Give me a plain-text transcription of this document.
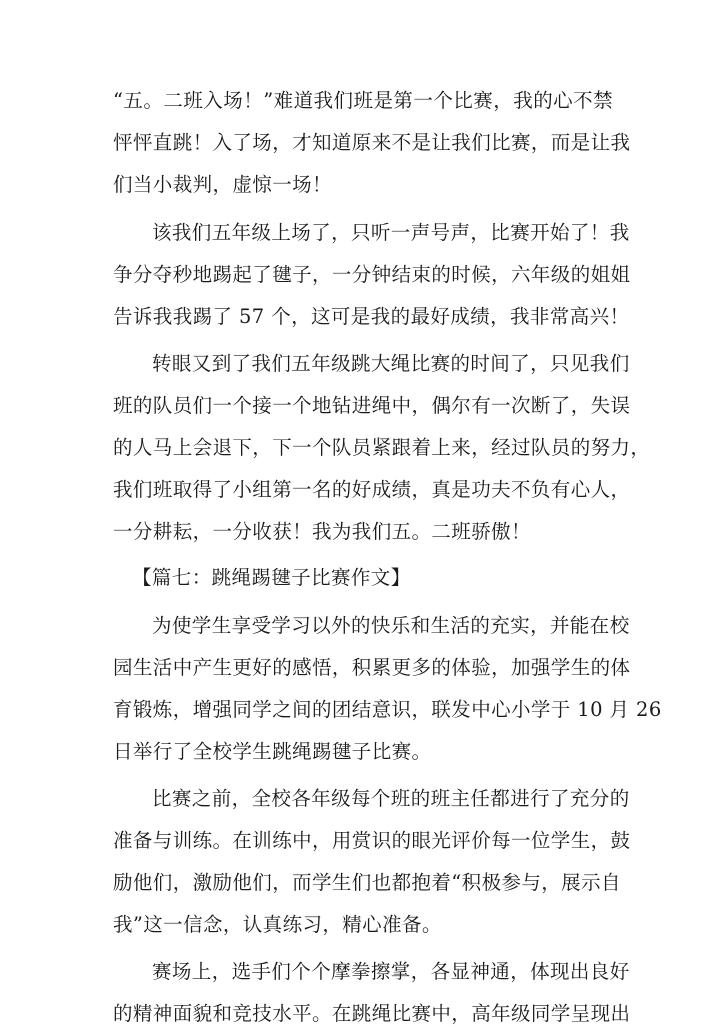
“五。二班入场！”难道我们班是第一个比赛，我的心不禁
怦怦直跳！入了场，才知道原来不是让我们比赛，而是让我
们当小裁判，虚惊一场！
该我们五年级上场了，只听一声号声，比赛开始了！我
争分夺秒地踢起了毽子，一分钟结束的时候，六年级的姐姐
告诉我我踢了 57 个，这可是我的最好成绩，我非常高兴！
转眼又到了我们五年级跳大绳比赛的时间了，只见我们
班的队员们一个接一个地钻进绳中，偶尔有一次断了，失误
的人马上会退下，下一个队员紧跟着上来，经过队员的努力，
我们班取得了小组第一名的好成绩，真是功夫不负有心人，
一分耕耘，一分收获！我为我们五。二班骄傲！
【篇七：跳绳踢毽子比赛作文】
为使学生享受学习以外的快乐和生活的充实，并能在校
园生活中产生更好的感悟，积累更多的体验，加强学生的体
育锻炼，增强同学之间的团结意识，联发中心小学于 10 月 26
日举行了全校学生跳绳踢毽子比赛。
比赛之前，全校各年级每个班的班主任都进行了充分的
准备与训练。在训练中，用赏识的眼光评价每一位学生，鼓
励他们，激励他们，而学生们也都抱着“积极参与，展示自
我”这一信念，认真练习，精心准备。
赛场上，选手们个个摩拳擦掌，各显神通，体现出良好
的精神面貌和竞技水平。在跳绳比赛中，高年级同学呈现出
